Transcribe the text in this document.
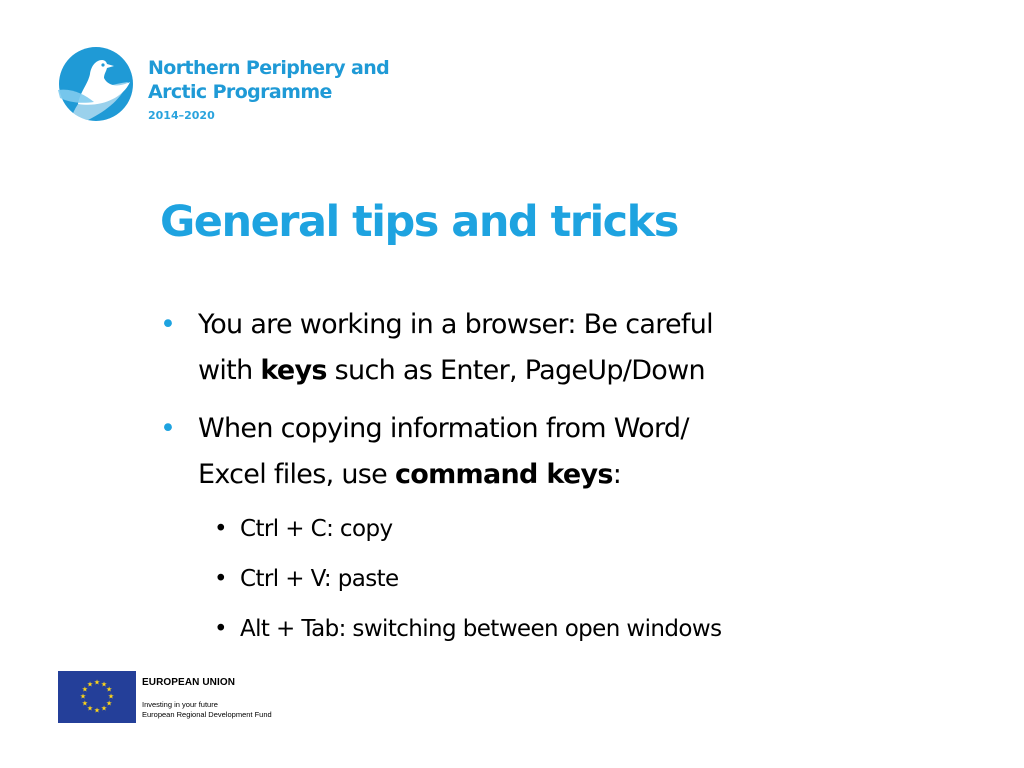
Northern Periphery and
Arctic Programme
2014–2020
General tips and tricks
• You are working in a browser: Be careful
with keys such as Enter, PageUp/Down
• When copying information from Word/
Excel files, use command keys:
• Ctrl + C: copy
• Ctrl + V: paste
• Alt + Tab: switching between open windows
★ ★
★
★
★
★
★
★
★
★
★
★	EUROPEAN UNION
Investing in your future
European Regional Development Fund
